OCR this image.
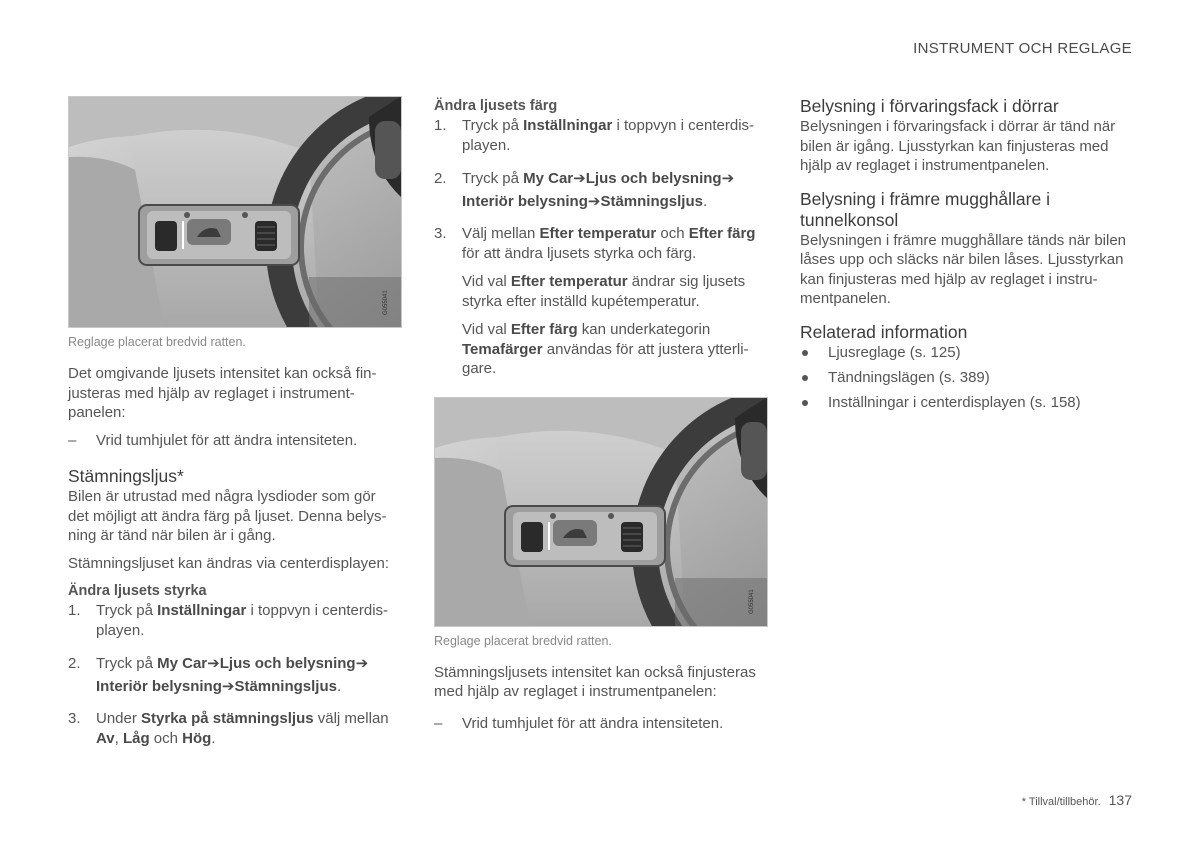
INSTRUMENT OCH REGLAGE
G055041

Reglage placerat bredvid ratten.

Det omgivande ljusets intensitet kan också fin-

justeras med hjälp av reglaget i instrument-

panelen:

– Vrid tumhjulet för att ändra intensiteten.

Stämningsljus*

Bilen är utrustad med några lysdioder som gör

det möjligt att ändra färg på ljuset. Denna belys-

ning är tänd när bilen är i gång.

Stämningsljuset kan ändras via centerdisplayen:

Ändra ljusets styrka

1. Tryck på Inställningar i toppvyn i centerdis-
playen.
2. Tryck på My Car➔Ljus och belysning➔
Interiör belysning➔Stämningsljus.
3. Under Styrka på stämningsljus välj mellan
Av, Låg och Hög.

Ändra ljusets färg

1. Tryck på Inställningar i toppvyn i centerdis-
playen.
2. Tryck på My Car➔Ljus och belysning➔
Interiör belysning➔Stämningsljus.
3. Välj mellan Efter temperatur och Efter färg
för att ändra ljusets styrka och färg.
Vid val Efter temperatur ändrar sig ljusets
styrka efter inställd kupétemperatur.
Vid val Efter färg kan underkategorin
Temafärger användas för att justera ytterli-
gare.
G055041

Reglage placerat bredvid ratten.

Stämningsljusets intensitet kan också finjusteras

med hjälp av reglaget i instrumentpanelen:

– Vrid tumhjulet för att ändra intensiteten.

Belysning i förvaringsfack i dörrar

Belysningen i förvaringsfack i dörrar är tänd när

bilen är igång. Ljusstyrkan kan finjusteras med

hjälp av reglaget i instrumentpanelen.

Belysning i främre mugghållare i

tunnelkonsol

Belysningen i främre mugghållare tänds när bilen

låses upp och släcks när bilen låses. Ljusstyrkan

kan finjusteras med hjälp av reglaget i instru-

mentpanelen.

Relaterad information

Ljusreglage (s. 125)
Tändningslägen (s. 389)
Inställningar i centerdisplayen (s. 158)
* Tillval/tillbehör. 137
